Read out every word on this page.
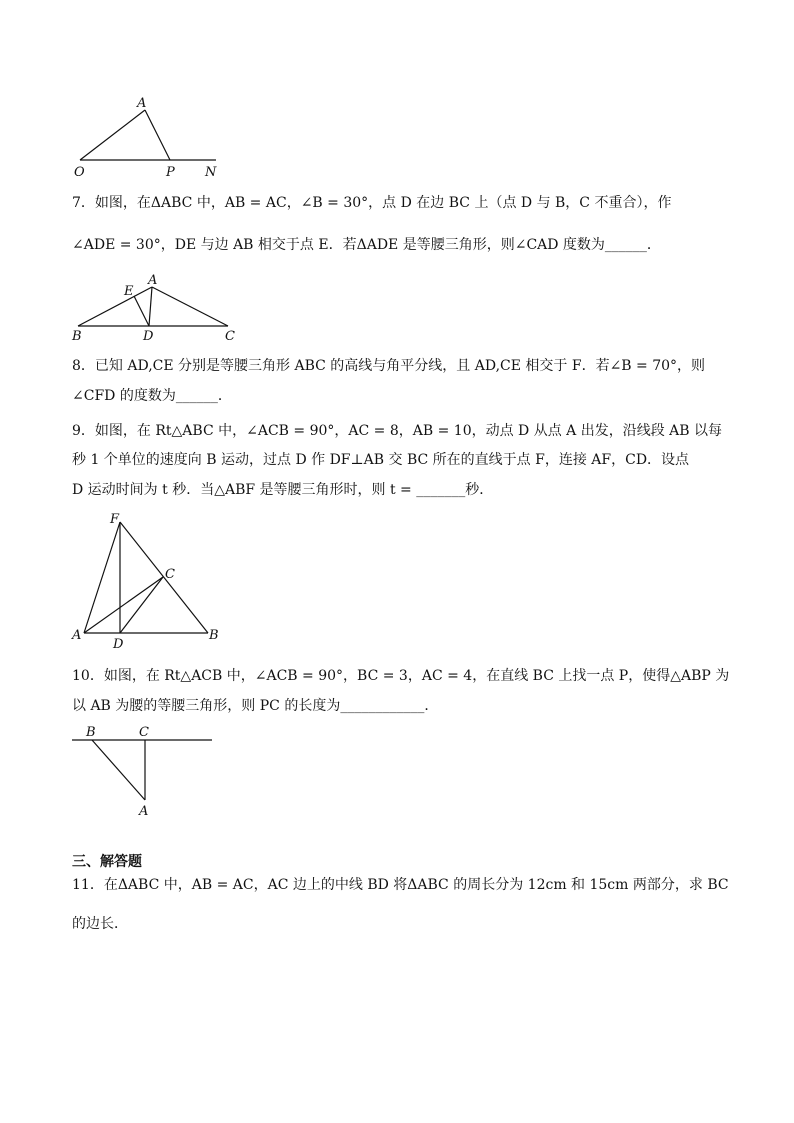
A
O	P N
7．如图，在ΔABC 中，AB = AC，∠B = 30°，点 D 在边 BC 上（点 D 与 B，C 不重合），作
∠ADE = 30°，DE 与边 AB 相交于点 E．若ΔADE 是等腰三角形，则∠CAD 度数为______．
A
E
B	D	C
8．已知 AD,CE 分别是等腰三角形 ABC 的高线与角平分线，且 AD,CE 相交于 F．若∠B = 70°，则
∠CFD 的度数为______．
9．如图，在 Rt△ABC 中，∠ACB = 90°，AC = 8，AB = 10，动点 D 从点 A 出发，沿线段 AB 以每
秒 1 个单位的速度向 B 运动，过点 D 作 DF⊥AB 交 BC 所在的直线于点 F，连接 AF，CD．设点
D 运动时间为 t 秒．当△ABF 是等腰三角形时，则 t = _______秒．
F
C
A
D
B
10．如图，在 Rt△ACB 中，∠ACB = 90°，BC = 3，AC = 4，在直线 BC 上找一点 P，使得△ABP 为
以 AB 为腰的等腰三角形，则 PC 的长度为____________．
B	C
A
三、解答题
11．在ΔABC 中，AB = AC，AC 边上的中线 BD 将ΔABC 的周长分为 12cm 和 15cm 两部分，求 BC
的边长．
